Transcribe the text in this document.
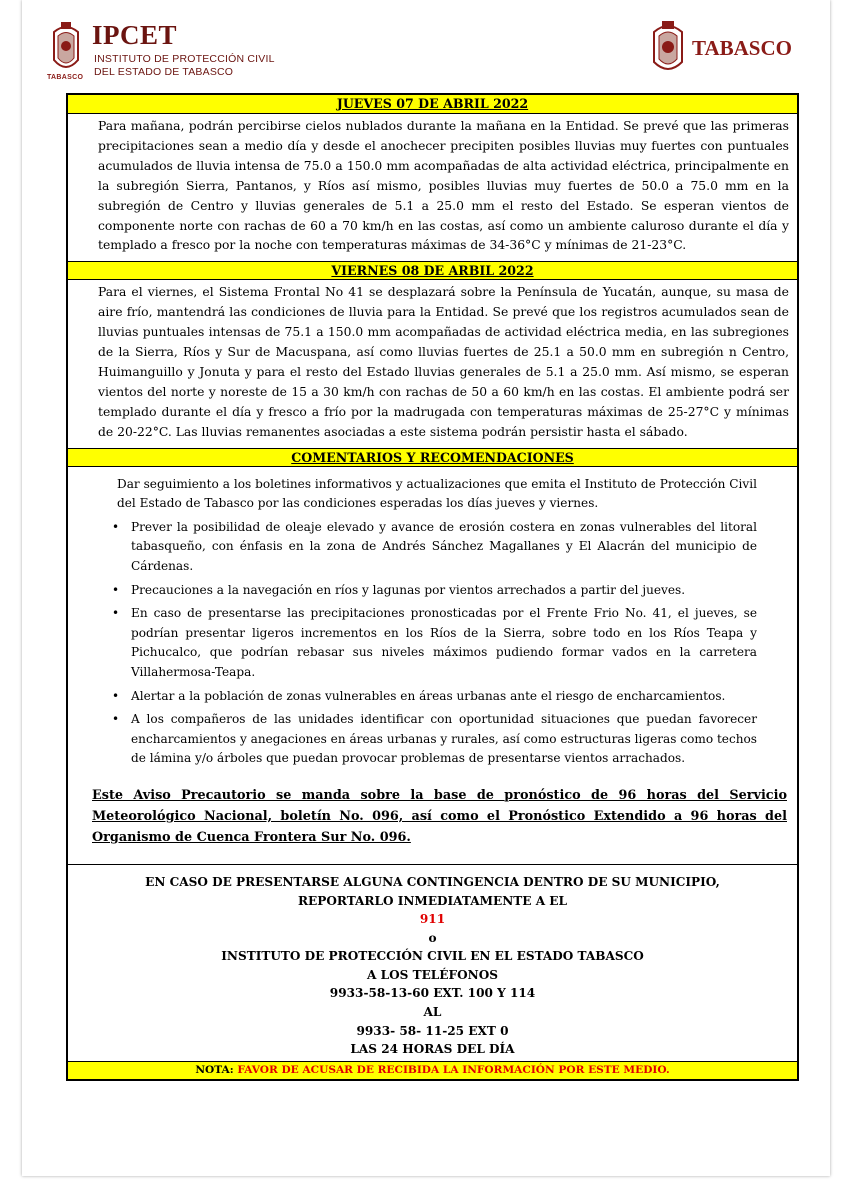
TABASCO
IPCET
INSTITUTO DE PROTECCIÓN CIVIL
DEL ESTADO DE TABASCO
TABASCO
JUEVES 07 DE ABRIL 2022
Para mañana, podrán percibirse cielos nublados durante la mañana en la Entidad. Se prevé que las primeras precipitaciones sean a medio día y desde el anochecer precipiten posibles lluvias muy fuertes con puntuales acumulados de lluvia intensa de 75.0 a 150.0 mm acompañadas de alta actividad eléctrica, principalmente en la subregión Sierra, Pantanos, y Ríos así mismo, posibles lluvias muy fuertes de 50.0 a 75.0 mm en la subregión de Centro y lluvias generales de 5.1 a 25.0 mm el resto del Estado. Se esperan vientos de componente norte con rachas de 60 a 70 km/h en las costas, así como un ambiente caluroso durante el día y templado a fresco por la noche con temperaturas máximas de 34-36°C y mínimas de 21-23°C.
VIERNES 08 DE ARBIL 2022
Para el viernes, el Sistema Frontal No 41 se desplazará sobre la Península de Yucatán, aunque, su masa de aire frío, mantendrá las condiciones de lluvia para la Entidad. Se prevé que los registros acumulados sean de lluvias puntuales intensas de 75.1 a 150.0 mm acompañadas de actividad eléctrica media, en las subregiones de la Sierra, Ríos y Sur de Macuspana, así como lluvias fuertes de 25.1 a 50.0 mm en subregión n Centro, Huimanguillo y Jonuta y para el resto del Estado lluvias generales de 5.1 a 25.0 mm. Así mismo, se esperan vientos del norte y noreste de 15 a 30 km/h con rachas de 50 a 60 km/h en las costas. El ambiente podrá ser templado durante el día y fresco a frío por la madrugada con temperaturas máximas de 25-27°C y mínimas de 20-22°C. Las lluvias remanentes asociadas a este sistema podrán persistir hasta el sábado.
COMENTARIOS Y RECOMENDACIONES
Dar seguimiento a los boletines informativos y actualizaciones que emita el Instituto de Protección Civil del Estado de Tabasco por las condiciones esperadas los días jueves y viernes.
• Prever la posibilidad de oleaje elevado y avance de erosión costera en zonas vulnerables del litoral tabasqueño, con énfasis en la zona de Andrés Sánchez Magallanes y El Alacrán del municipio de Cárdenas.
• Precauciones a la navegación en ríos y lagunas por vientos arrechados a partir del jueves.
• En caso de presentarse las precipitaciones pronosticadas por el Frente Frio No. 41, el jueves, se podrían presentar ligeros incrementos en los Ríos de la Sierra, sobre todo en los Ríos Teapa y Pichucalco, que podrían rebasar sus niveles máximos pudiendo formar vados en la carretera Villahermosa-Teapa.
• Alertar a la población de zonas vulnerables en áreas urbanas ante el riesgo de encharcamientos.
• A los compañeros de las unidades identificar con oportunidad situaciones que puedan favorecer encharcamientos y anegaciones en áreas urbanas y rurales, así como estructuras ligeras como techos de lámina y/o árboles que puedan provocar problemas de presentarse vientos arrachados.
Este Aviso Precautorio se manda sobre la base de pronóstico de 96 horas del Servicio Meteorológico Nacional, boletín No. 096, así como el Pronóstico Extendido a 96 horas del Organismo de Cuenca Frontera Sur No. 096.
EN CASO DE PRESENTARSE ALGUNA CONTINGENCIA DENTRO DE SU MUNICIPIO,
REPORTARLO INMEDIATAMENTE A EL
911
o
INSTITUTO DE PROTECCIÓN CIVIL EN EL ESTADO TABASCO
A LOS TELÉFONOS
9933-58-13-60 EXT. 100 Y 114
AL
9933- 58- 11-25 EXT 0
LAS 24 HORAS DEL DÍA
NOTA: FAVOR DE ACUSAR DE RECIBIDA LA INFORMACIÓN POR ESTE MEDIO.
